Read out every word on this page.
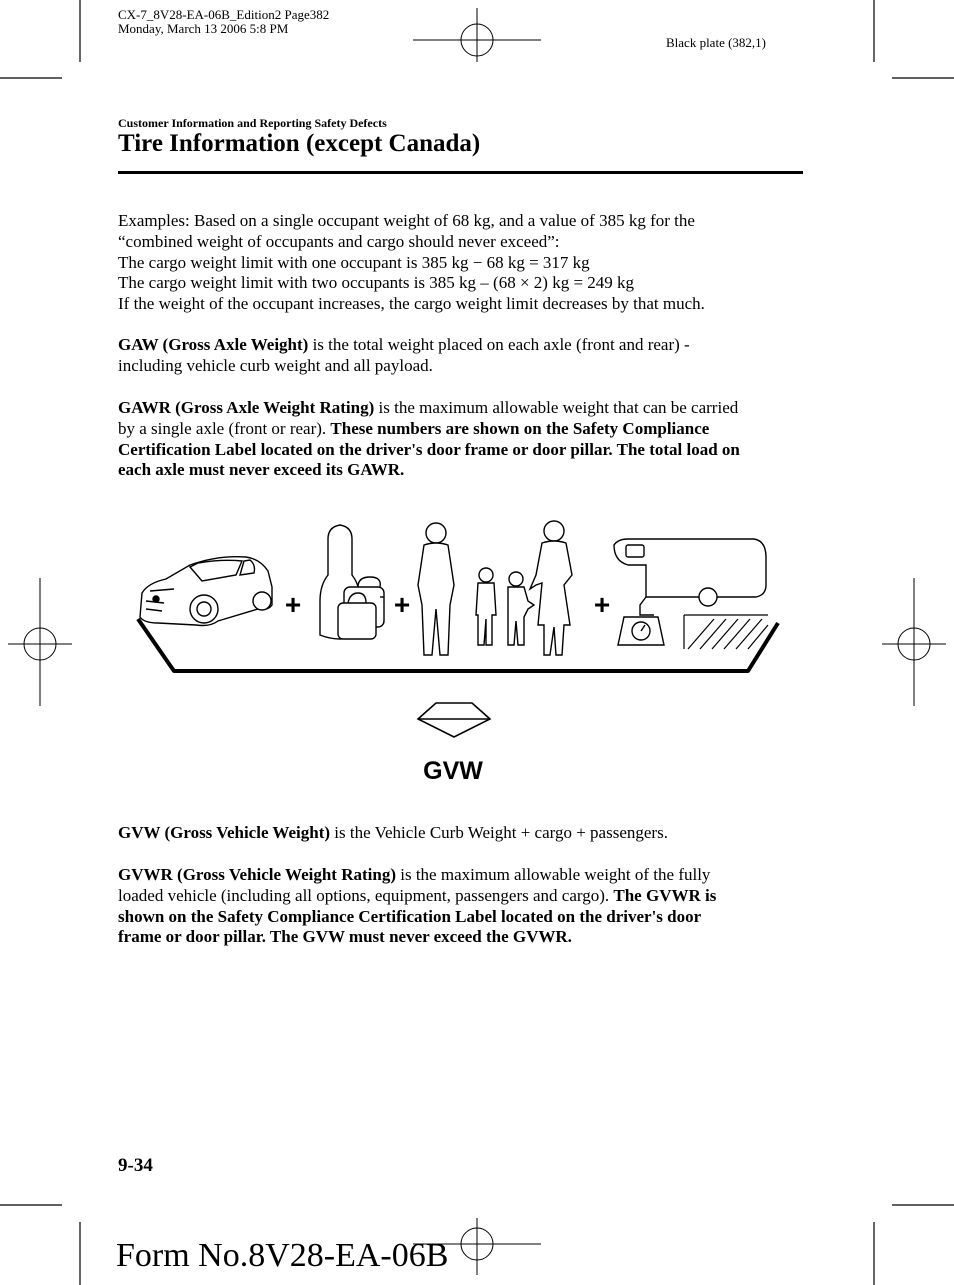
CX-7_8V28-EA-06B_Edition2 Page382
Monday, March 13 2006 5:8 PM
Black plate (382,1)
Customer Information and Reporting Safety Defects
Tire Information (except Canada)

Examples: Based on a single occupant weight of 68 kg, and a value of 385 kg for the

“combined weight of occupants and cargo should never exceed”:

The cargo weight limit with one occupant is 385 kg − 68 kg = 317 kg

The cargo weight limit with two occupants is 385 kg – (68 × 2) kg = 249 kg

If the weight of the occupant increases, the cargo weight limit decreases by that much.

GAW (Gross Axle Weight) is the total weight placed on each axle (front and rear) -

including vehicle curb weight and all payload.

GAWR (Gross Axle Weight Rating) is the maximum allowable weight that can be carried

by a single axle (front or rear). These numbers are shown on the Safety Compliance

Certification Label located on the driver's door frame or door pillar. The total load on

each axle must never exceed its GAWR.

+	+	+
GVW

GVW (Gross Vehicle Weight) is the Vehicle Curb Weight + cargo + passengers.

GVWR (Gross Vehicle Weight Rating) is the maximum allowable weight of the fully

loaded vehicle (including all options, equipment, passengers and cargo). The GVWR is

shown on the Safety Compliance Certification Label located on the driver's door

frame or door pillar. The GVW must never exceed the GVWR.

9-34
Form No.8V28-EA-06B
